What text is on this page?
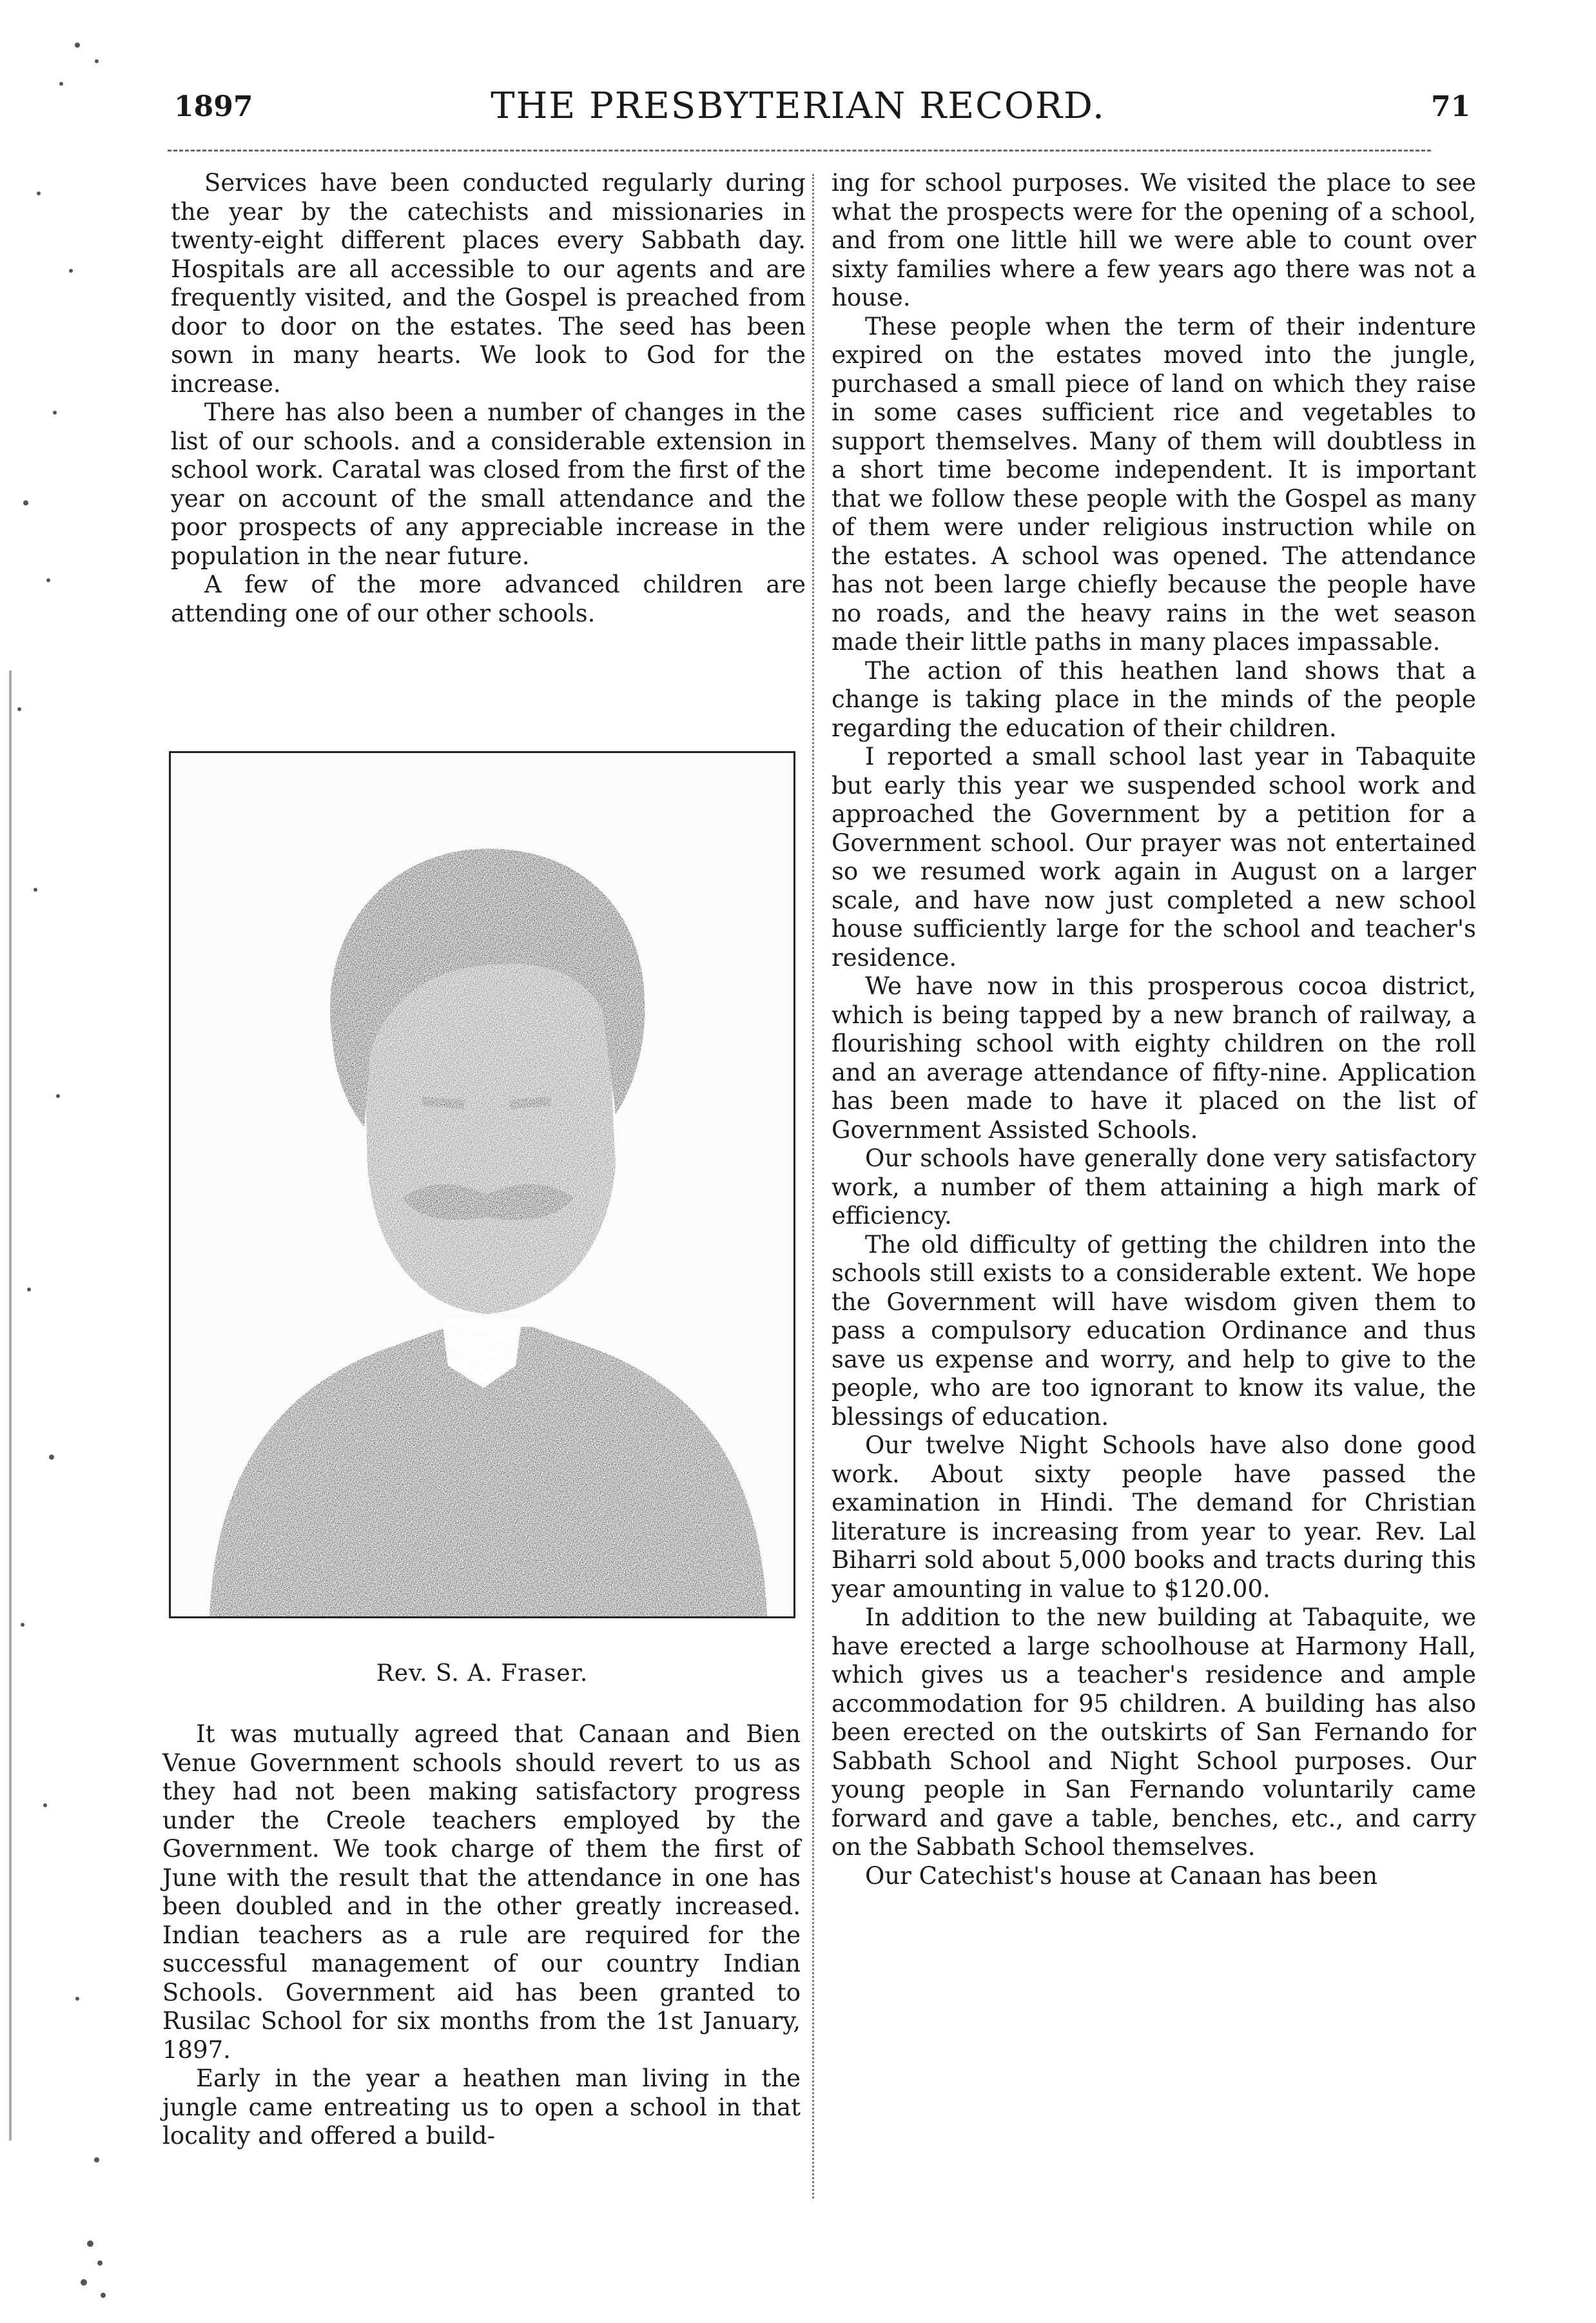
1897	THE PRESBYTERIAN RECORD.	71

Services have been conducted regularly during the year by the catechists and missionaries in twenty-eight different places every Sabbath day. Hospitals are all accessible to our agents and are frequently visited, and the Gospel is preached from door to door on the estates. The seed has been sown in many hearts. We look to God for the increase.

There has also been a number of changes in the list of our schools. and a considerable extension in school work. Caratal was closed from the first of the year on account of the small attendance and the poor prospects of any appreciable increase in the population in the near future.

A few of the more advanced children are attending one of our other schools.

Rev. S. A. Fraser.

It was mutually agreed that Canaan and Bien Venue Government schools should revert to us as they had not been making satisfactory progress under the Creole teachers employed by the Government. We took charge of them the first of June with the result that the attendance in one has been doubled and in the other greatly increased. Indian teachers as a rule are required for the successful management of our country Indian Schools. Government aid has been granted to Rusilac School for six months from the 1st January, 1897.

Early in the year a heathen man living in the jungle came entreating us to open a school in that locality and offered a build-

ing for school purposes. We visited the place to see what the prospects were for the opening of a school, and from one little hill we were able to count over sixty families where a few years ago there was not a house.

These people when the term of their indenture expired on the estates moved into the jungle, purchased a small piece of land on which they raise in some cases sufficient rice and vegetables to support themselves. Many of them will doubtless in a short time become independent. It is important that we follow these people with the Gospel as many of them were under religious instruction while on the estates. A school was opened. The attendance has not been large chiefly because the people have no roads, and the heavy rains in the wet season made their little paths in many places impassable.

The action of this heathen land shows that a change is taking place in the minds of the people regarding the education of their children.

I reported a small school last year in Tabaquite but early this year we suspended school work and approached the Government by a petition for a Government school. Our prayer was not entertained so we resumed work again in August on a larger scale, and have now just completed a new school house sufficiently large for the school and teacher's residence.

We have now in this prosperous cocoa district, which is being tapped by a new branch of railway, a flourishing school with eighty children on the roll and an average attendance of fifty-nine. Application has been made to have it placed on the list of Government Assisted Schools.

Our schools have generally done very satisfactory work, a number of them attaining a high mark of efficiency.

The old difficulty of getting the children into the schools still exists to a considerable extent. We hope the Government will have wisdom given them to pass a compulsory education Ordinance and thus save us expense and worry, and help to give to the people, who are too ignorant to know its value, the blessings of education.

Our twelve Night Schools have also done good work. About sixty people have passed the examination in Hindi. The demand for Christian literature is increasing from year to year. Rev. Lal Biharri sold about 5,000 books and tracts during this year amounting in value to $120.00.

In addition to the new building at Tabaquite, we have erected a large schoolhouse at Harmony Hall, which gives us a teacher's residence and ample accommodation for 95 children. A building has also been erected on the outskirts of San Fernando for Sabbath School and Night School purposes. Our young people in San Fernando voluntarily came forward and gave a table, benches, etc., and carry on the Sabbath School themselves.

Our Catechist's house at Canaan has been
